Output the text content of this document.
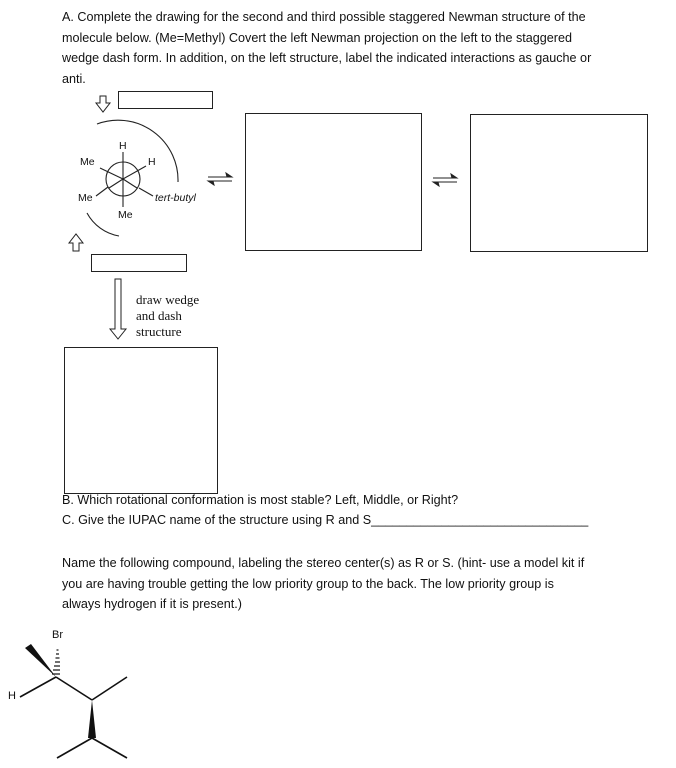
A. Complete the drawing for the second and third possible staggered Newman structure of the
molecule below. (Me=Methyl) Covert the left Newman projection on the left to the staggered
wedge dash form. In addition, on the left structure, label the indicated interactions as gauche or
anti.
H
Me	H
Me
Me
tert-butyl
draw wedge
and dash
structure
B. Which rotational conformation is most stable? Left, Middle, or Right?
C. Give the IUPAC name of the structure using R and S_______________________________
Name the following compound, labeling the stereo center(s) as R or S. (hint- use a model kit if
you are having trouble getting the low priority group to the back. The low priority group is
always hydrogen if it is present.)
Br
H
